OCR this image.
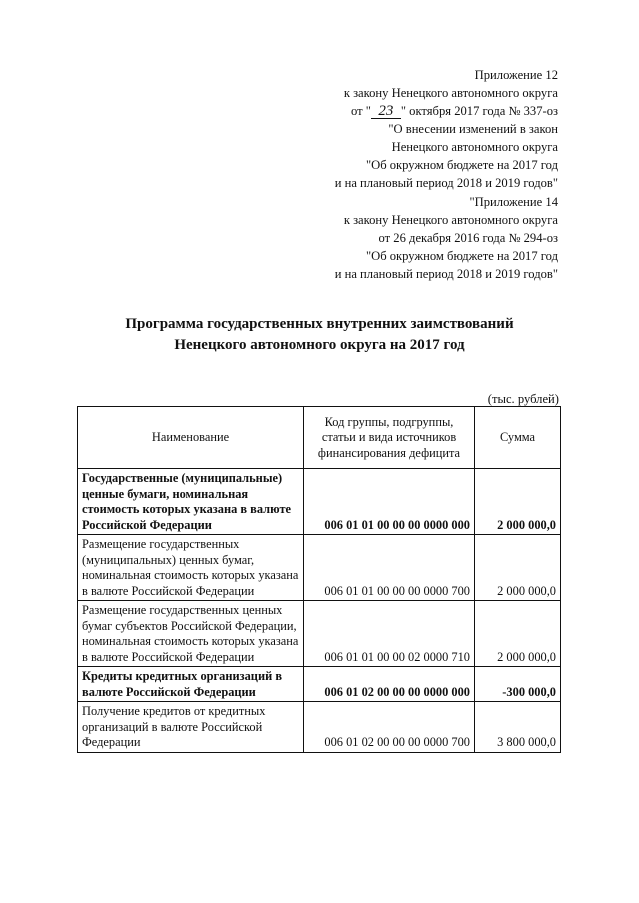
Приложение 12
к закону Ненецкого автономного округа
от " 23 " октября 2017 года № 337-оз
"О внесении изменений в закон
Ненецкого автономного округа
"Об окружном бюджете на 2017 год
и на плановый период 2018 и 2019 годов"
"Приложение 14
к закону Ненецкого автономного округа
от 26 декабря 2016 года № 294-оз
"Об окружном бюджете на 2017 год
и на плановый период 2018 и 2019 годов"
Программа государственных внутренних заимствований
Ненецкого автономного округа на 2017 год
(тыс. рублей)
Наименование	Код группы, подгруппы, статьи и вида источников финансирования дефицита	Сумма
Государственные (муниципальные) ценные бумаги, номинальная стоимость которых указана в валюте Российской Федерации	006 01 01 00 00 00 0000 000	2 000 000,0
Размещение государственных (муниципальных) ценных бумаг, номинальная стоимость которых указана в валюте Российской Федерации	006 01 01 00 00 00 0000 700	2 000 000,0
Размещение государственных ценных бумаг субъектов Российской Федерации, номинальная стоимость которых указана в валюте Российской Федерации	006 01 01 00 00 02 0000 710	2 000 000,0
Кредиты кредитных организаций в валюте Российской Федерации	006 01 02 00 00 00 0000 000	-300 000,0
Получение кредитов от кредитных организаций в валюте Российской Федерации	006 01 02 00 00 00 0000 700	3 800 000,0
